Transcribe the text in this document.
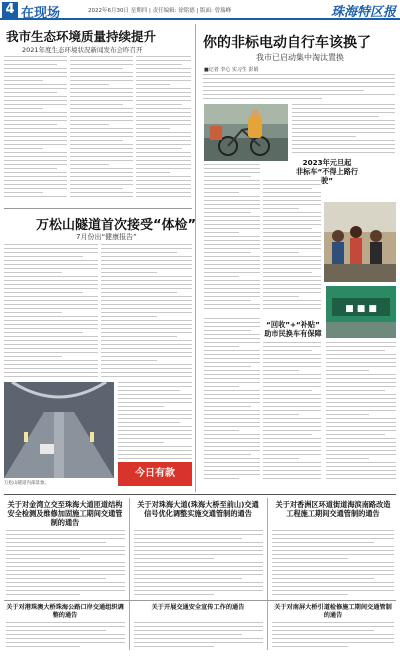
4 在现场	2022年6月30日 星期四 | 责任编辑: 徐铭德 | 版面: 曾瑞峰	珠海特区报
我市生态环境质量持续提升
2021年度生态环境状况新闻发布会昨召开	你的非标电动自行车该换了
我市已启动集中淘汰置换
■记者 李心 实习生 彭娟
2023年元旦起
非标车“不得上路行驶”
“回收”+“补贴”
助市民换车有保障
■ ■ ■
万松山隧道首次接受“体检”
7月份出“健康报告”
万松山隧道内部景象。
今日有款
关于对金湾立交至珠海大道匝道结构安全检测及维修加固施工期间交通管制的通告
关于对珠海大道(珠海大桥至前山)交通信号优化调整实施交通管制的通告
关于对香洲区环道街道海滨南路改造工程施工期间交通管制的通告
关于对港珠澳大桥珠海公路口岸交通组织调整的通告
关于开展交通安全宣传工作的通告	关于对南屏大桥引道检修施工期间交通管制的通告
